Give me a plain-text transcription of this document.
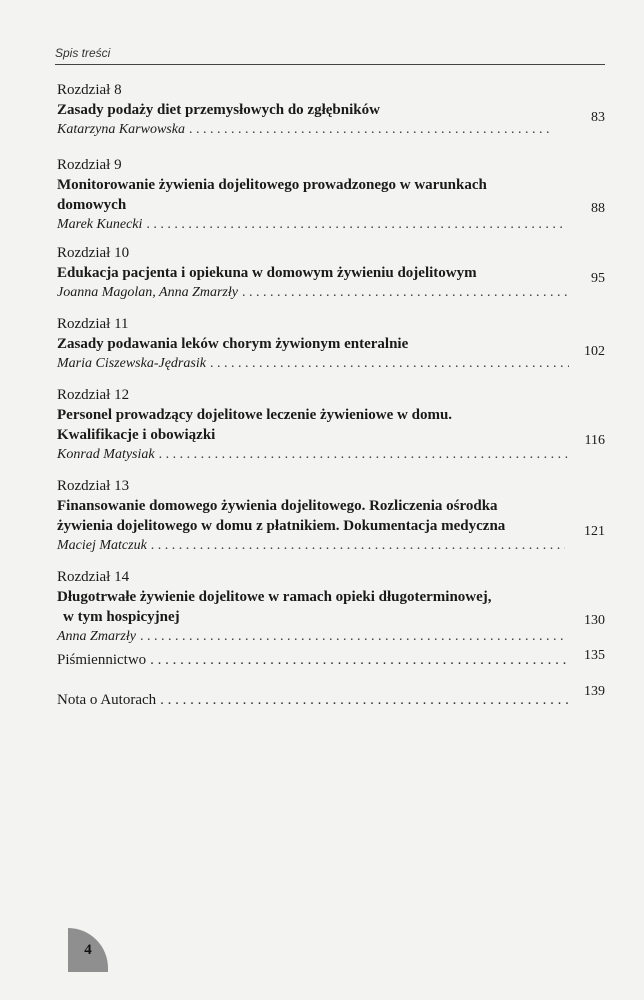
Spis treści
Rozdział 8
Zasady podaży diet przemysłowych do zgłębników
Katarzyna Karwowska
. . .
83
Rozdział 9
Monitorowanie żywienia dojelitowego prowadzonego w warunkach
domowych
Marek Kunecki
. . .
88
Rozdział 10
Edukacja pacjenta i opiekuna w domowym żywieniu dojelitowym
Joanna Magolan, Anna Zmarzły
. . .
95
Rozdział 11
Zasady podawania leków chorym żywionym enteralnie
Maria Ciszewska-Jędrasik
. . .
102
Rozdział 12
Personel prowadzący dojelitowe leczenie żywieniowe w domu.
Kwalifikacje i obowiązki
Konrad Matysiak
. . .
116
Rozdział 13
Finansowanie domowego żywienia dojelitowego. Rozliczenia ośrodka
żywienia dojelitowego w domu z płatnikiem. Dokumentacja medyczna
Maciej Matczuk
. . .
121
Rozdział 14
Długotrwałe żywienie dojelitowe w ramach opieki długoterminowej,
w tym hospicyjnej
Anna Zmarzły
. . .
130
Piśmiennictwo
. . .	135
Nota o Autorach
. . .
139
4
